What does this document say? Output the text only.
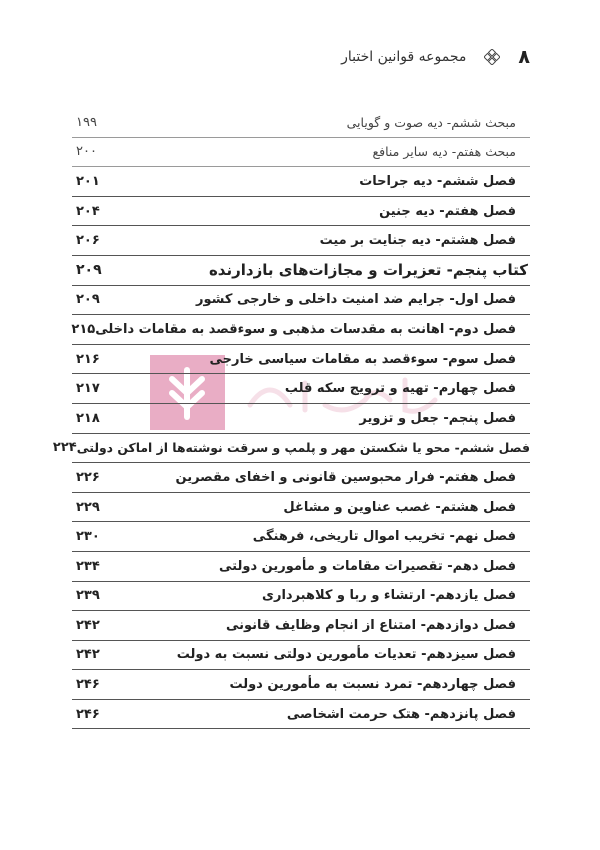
۸
مجموعه قوانین اختبار
مبحث ششم- دیه صوت و گویایی
۱۹۹
مبحث هفتم- دیه سایر منافع
۲۰۰
فصل ششم- دیه جراحات
۲۰۱
فصل هفتم- دیه جنین
۲۰۴
فصل هشتم- دیه جنایت بر میت
۲۰۶
کتاب پنجم- تعزیرات و مجازات‌های بازدارنده
۲۰۹
فصل اول- جرایم ضد امنیت داخلی و خارجی کشور
۲۰۹
فصل دوم- اهانت به مقدسات مذهبی و سوءقصد به مقامات داخلی
۲۱۵
فصل سوم- سوءقصد به مقامات سیاسی خارجی
۲۱۶
فصل چهارم- تهیه و ترویج سکه قلب
۲۱۷
فصل پنجم- جعل و تزویر
۲۱۸
فصل ششم- محو یا شکستن مهر و پلمپ و سرقت نوشته‌ها از اماکن دولتی
۲۲۴
فصل هفتم- فرار محبوسین قانونی و اخفای مقصرین
۲۲۶
فصل هشتم- غصب عناوین و مشاغل
۲۲۹
فصل نهم- تخریب اموال تاریخی، فرهنگی
۲۳۰
فصل دهم- تقصیرات مقامات و مأمورین دولتی
۲۳۴
فصل یازدهم- ارتشاء و ربا و کلاهبرداری
۲۳۹
فصل دوازدهم- امتناع از انجام وظایف قانونی
۲۴۲
فصل سیزدهم- تعدیات مأمورین دولتی نسبت به دولت
۲۴۲
فصل چهاردهم- تمرد نسبت به مأمورین دولت
۲۴۶
فصل پانزدهم- هتک حرمت اشخاصی
۲۴۶
